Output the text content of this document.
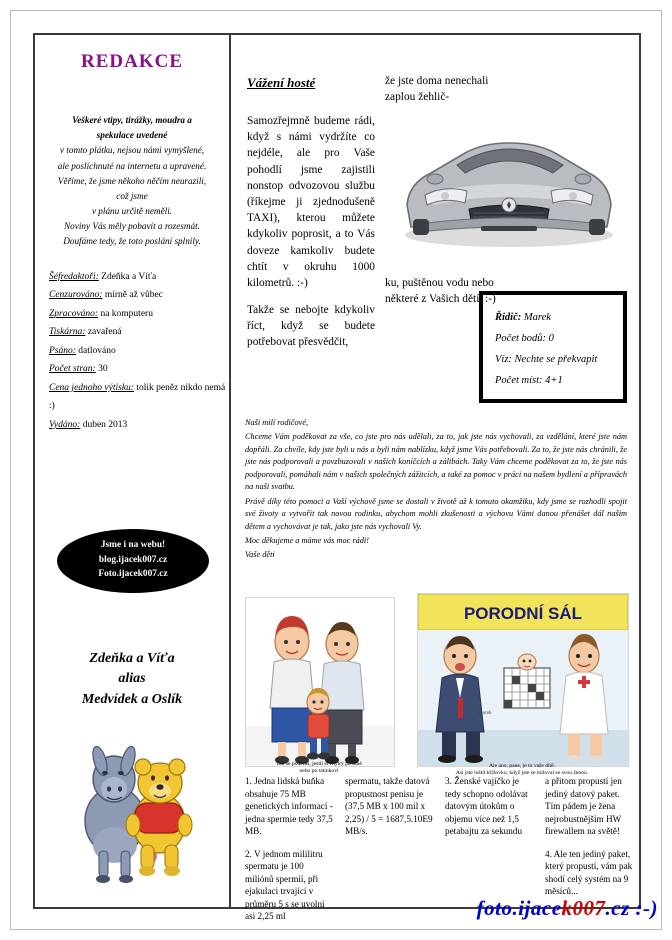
REDAKCE
Veškeré vtipy, tirážky, moudra a
spekulace uvedené
v tomto plátku, nejsou námi vymyšlené,
ale poslíchnuté na internetu a upravené.
Věříme, že jsme někoho něčím neurazili,
což jsme
v plánu určitě neměli.
Noviny Vás měly pobavit a rozesmát.
Doufáme tedy, že toto poslání splnily.
Šéfredaktoři: Zdeňka a Víťa
Cenzurováno: mírně až vůbec
Zpracováno: na komputeru
Tiskárna: zavařená
Psáno: datlováno
Počet stran: 30
Cena jednoho výtisku: tolik peněz nikdo nemá :)
Vydáno: duben 2013
Jsme i na webu!
blog.ijacek007.cz
Foto.ijacek007.cz
Zdeňka a Víťa
alias
Medvídek a Oslík
Vážení hosté

Samozřejmně budeme rádi, když s námi vydržíte co nejdéle, ale pro Vaše pohodlí jsme zajistili nonstop odvozovou službu (říkejme ji zjednodušeně TAXI), kterou můžete kdykoliv poprosit, a to Vás doveze kamkoliv budete chtít v okruhu 1000 kilometrů. :-)

Takže se nebojte kdykoliv říct, když se budete potřebovat přesvědčit,

že jste doma nenechali zaplou žehlič-
ku, puštěnou vodu nebo některé z Vašich dětí. :-)
Řidič: Marek
Počet bodů: 0
Víz: Nechte se překvapit
Počet míst: 4+1

Naši milí rodičové,

Chceme Vám poděkovat za vše, co jste pro nás udělali, za to, jak jste nás vychovali, za vzdělání, které jste nám dopřáli. Za chvíle, kdy jste byli u nás a byli nám nablízku, když jsme Vás potřebovali. Za to, že jste nás chránili, že jste nás podporovali a povzbuzovali v našich koníčcích a zálibách. Taky Vám chceme poděkovat za to, že jste nás podporovali, pomáhali nám v našich společných zážitcích, a také za pomoc v práci na našem bydlení a přípravách na naši svatbu.

Právě díky této pomoci a Vaší výchově jsme se dostali v životě až k tomuto okamžiku, kdy jsme se rozhodli spojit své životy a vytvořit tak novou rodinku, abychom mohli zkušenosti a výchovu Vámi danou přenášet dál našim dětem a vychovávat je tak, jako jste nás vychovali Vy.

Moc děkujeme a máme vás moc rádi!

Vaše děti

Tak se podíváš, jestli si chytrý po mně
nebo po tatínkovi
PORODNÍ SÁL
Javorek
Ale ano, pane, je to vaše dítě.
Asi jste luštil křížovku, když jste se miloval se svou ženou.

1. Jedna lidská buňka obsahuje 75 MB genetických informací - jedna spermie tedy 37,5 MB.

2. V jednom mililitru spermatu je 100 miliónů spermií, při ejakulaci trvající v průměru 5 s se uvolní asi 2,25 ml

spermatu, takže datová propustnost penisu je (37,5 MB x 100 mil x 2,25) / 5 = 1687,5.10E9 MB/s.

3. Ženské vajíčko je tedy schopno odolávat datovým útokům o objemu více než 1,5 petabajtu za sekundu

a přitom propustí jen jediný datový paket. Tím pádem je žena nejrobustnějším HW firewallem na světě!

4. Ale ten jediný paket, který propustí, vám pak shodí celý systém na 9 měsíců...

foto.ijacek007.cz :-)
